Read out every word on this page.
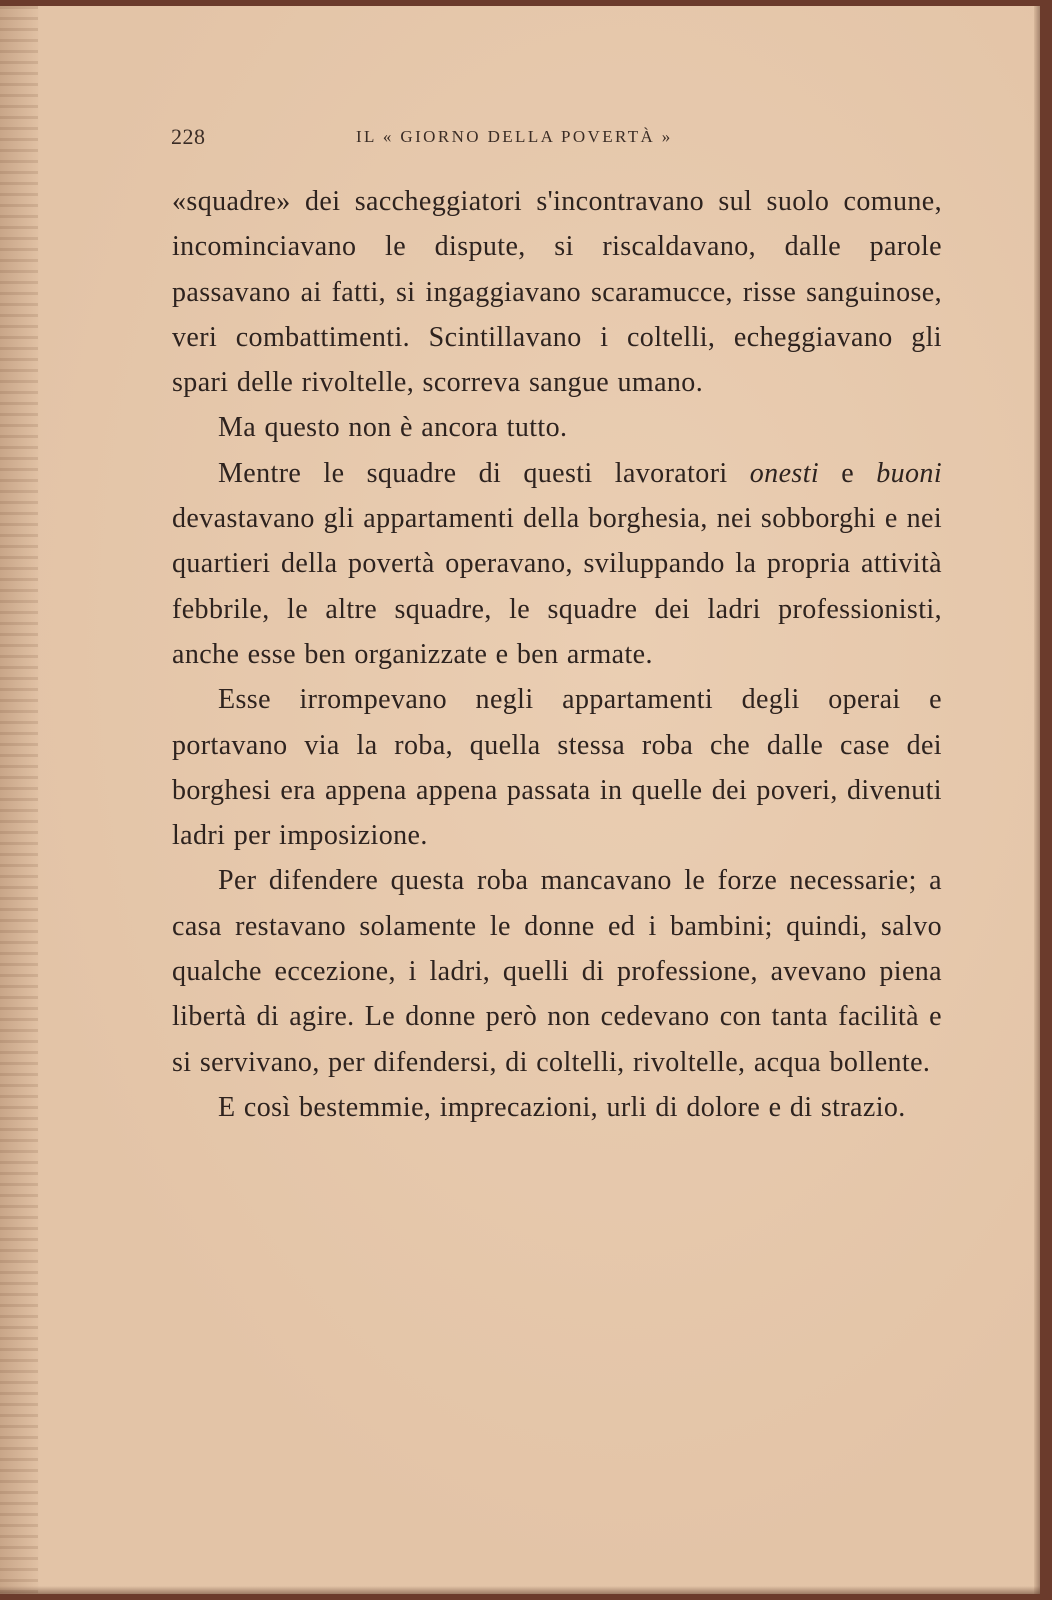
228	IL « GIORNO DELLA POVERTÀ »

«squadre» dei saccheggiatori s'incontravano sul suolo comune, incominciavano le dispute, si riscaldavano, dalle parole passavano ai fatti, si ingaggiavano scaramucce, risse sanguinose, veri combattimenti. Scintillavano i coltelli, echeggiavano gli spari delle rivoltelle, scorreva sangue umano.

Ma questo non è ancora tutto.

Mentre le squadre di questi lavoratori onesti e buoni devastavano gli appartamenti della borghesia, nei sobborghi e nei quartieri della povertà operavano, sviluppando la propria attività febbrile, le altre squadre, le squadre dei ladri professionisti, anche esse ben organizzate e ben armate.

Esse irrompevano negli appartamenti degli operai e portavano via la roba, quella stessa roba che dalle case dei borghesi era appena appena passata in quelle dei poveri, divenuti ladri per imposizione.

Per difendere questa roba mancavano le forze necessarie; a casa restavano solamente le donne ed i bambini; quindi, salvo qualche eccezione, i ladri, quelli di professione, avevano piena libertà di agire. Le donne però non cedevano con tanta facilità e si servivano, per difendersi, di coltelli, rivoltelle, acqua bollente.

E così bestemmie, imprecazioni, urli di dolore e di strazio.
